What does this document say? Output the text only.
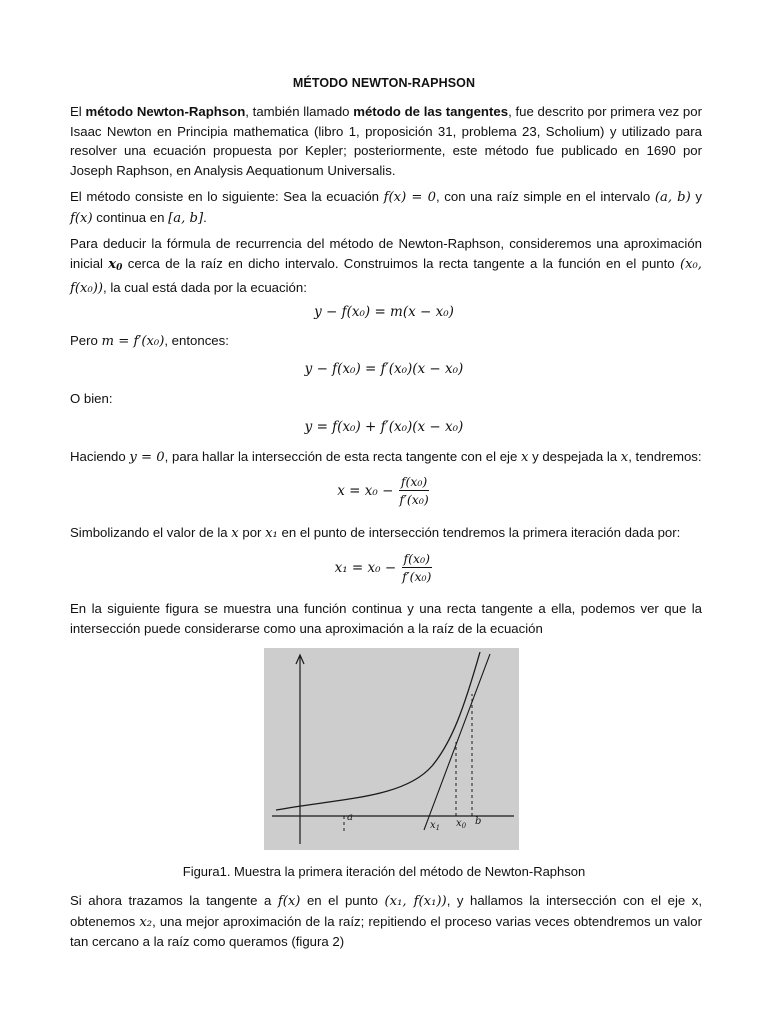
MÉTODO NEWTON-RAPHSON
El método Newton-Raphson, también llamado método de las tangentes, fue descrito por primera vez por Isaac Newton en Principia mathematica (libro 1, proposición 31, problema 23, Scholium) y utilizado para resolver una ecuación propuesta por Kepler; posteriormente, este método fue publicado en 1690 por Joseph Raphson, en Analysis Aequationum Universalis.
El método consiste en lo siguiente: Sea la ecuación f(x) = 0, con una raíz simple en el intervalo (a, b) y f(x) continua en [a, b].
Para deducir la fórmula de recurrencia del método de Newton-Raphson, consideremos una aproximación inicial $x_0$ cerca de la raíz en dicho intervalo. Construimos la recta tangente a la función en el punto (x₀, f(x₀)), la cual está dada por la ecuación:
y − f(x₀) = m(x − x₀)
Pero m = f′(x₀), entonces:
y − f(x₀) = f′(x₀)(x − x₀)
O bien:
y = f(x₀) + f′(x₀)(x − x₀)
Haciendo y = 0, para hallar la intersección de esta recta tangente con el eje x y despejada la x, tendremos:
$x = x_0 - \frac{\text{f(x₀)}}{\text{f′(x₀)}}$
Simbolizando el valor de la x por x₁ en el punto de intersección tendremos la primera iteración dada por:
$x_1 = x_0 - \frac{\text{f(x₀)}}{\text{f′(x₀)}}$
En la siguiente figura se muestra una función continua y una recta tangente a ella, podemos ver que la intersección puede considerarse como una aproximación a la raíz de la ecuación
a
$x_1$ $x_0$ b
Figura1. Muestra la primera iteración del método de Newton-Raphson
Si ahora trazamos la tangente a f(x) en el punto (x₁, f(x₁)), y hallamos la intersección con el eje x, obtenemos x₂, una mejor aproximación de la raíz; repitiendo el proceso varias veces obtendremos un valor tan cercano a la raíz como queramos (figura 2)
